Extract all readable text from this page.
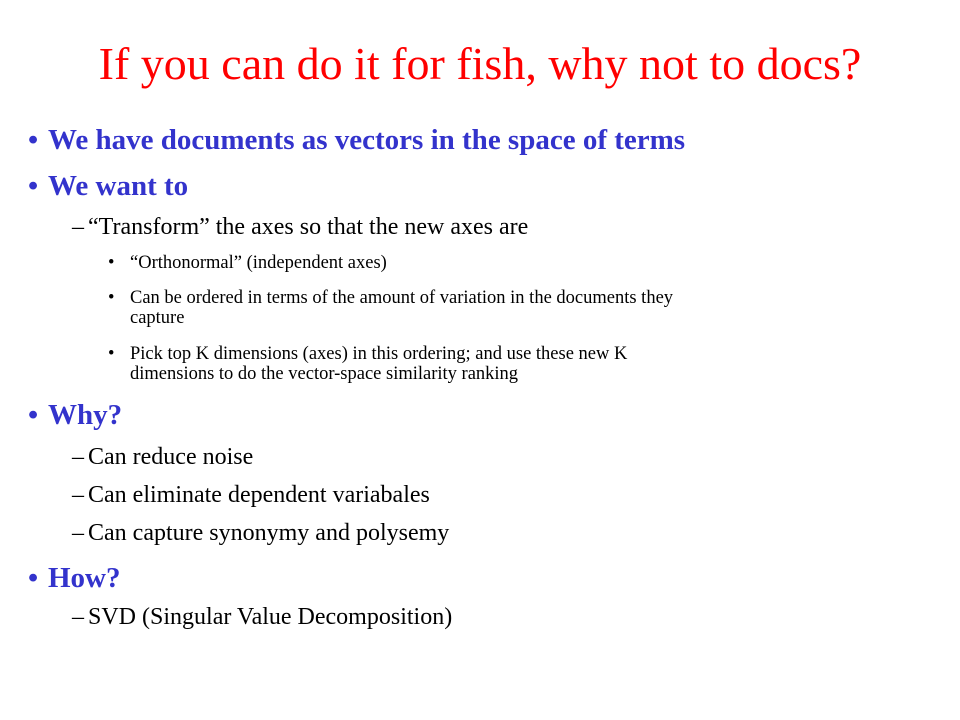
If you can do it for fish, why not to docs?
• We have documents as vectors in the space of terms
• We want to
– “Transform” the axes so that the new axes are
• “Orthonormal” (independent axes)
• Can be ordered in terms of the amount of variation in the documents they
capture
• Pick top K dimensions (axes) in this ordering; and use these new K
dimensions to do the vector-space similarity ranking
• Why?
– Can reduce noise
– Can eliminate dependent variabales
– Can capture synonymy and polysemy
• How?
– SVD (Singular Value Decomposition)
